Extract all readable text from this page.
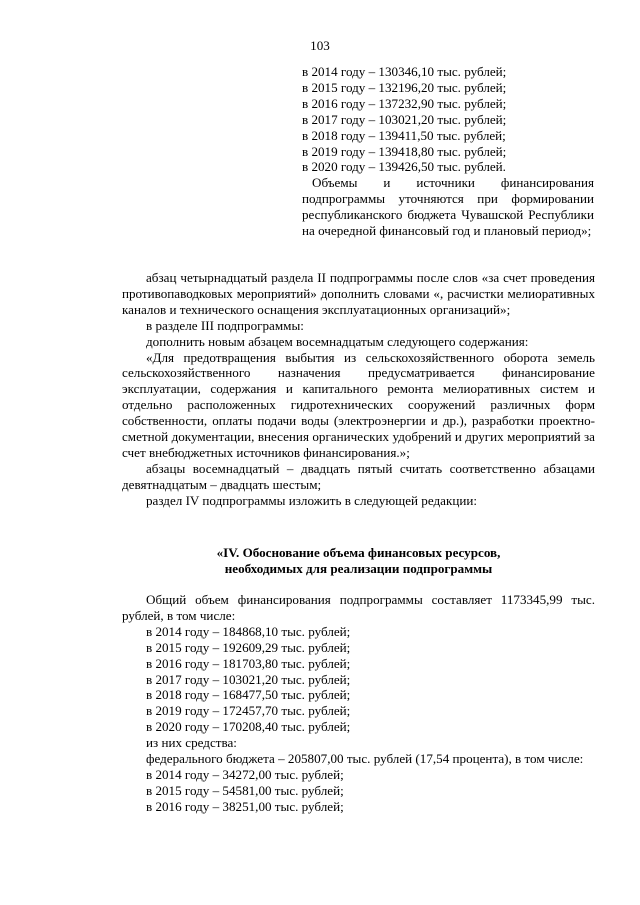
103
в 2014 году – 130346,10 тыс. рублей;
в 2015 году – 132196,20 тыс. рублей;
в 2016 году – 137232,90 тыс. рублей;
в 2017 году – 103021,20 тыс. рублей;
в 2018 году – 139411,50 тыс. рублей;
в 2019 году – 139418,80 тыс. рублей;
в 2020 году – 139426,50 тыс. рублей.
Объемы и источники финансирования подпрограммы уточняются при формировании республиканского бюджета Чувашской Республики на очередной финансовый год и плановый период»;
абзац четырнадцатый раздела II подпрограммы после слов «за счет проведения противопаводковых мероприятий» дополнить словами «, расчистки мелиоративных каналов и технического оснащения эксплуатационных организаций»;
в разделе III подпрограммы:
дополнить новым абзацем восемнадцатым следующего содержания:
«Для предотвращения выбытия из сельскохозяйственного оборота земель сельскохозяйственного назначения предусматривается финансирование эксплуатации, содержания и капитального ремонта мелиоративных систем и отдельно расположенных гидротехнических сооружений различных форм собственности, оплаты подачи воды (электроэнергии и др.), разработки проектно-сметной документации, внесения органических удобрений и других мероприятий за счет внебюджетных источников финансирования.»;
абзацы восемнадцатый – двадцать пятый считать соответственно абзацами девятнадцатым – двадцать шестым;
раздел IV подпрограммы изложить в следующей редакции:
«IV. Обоснование объема финансовых ресурсов,
необходимых для реализации подпрограммы
Общий объем финансирования подпрограммы составляет 1173345,99 тыс. рублей, в том числе:
в 2014 году – 184868,10 тыс. рублей;
в 2015 году – 192609,29 тыс. рублей;
в 2016 году – 181703,80 тыс. рублей;
в 2017 году – 103021,20 тыс. рублей;
в 2018 году – 168477,50 тыс. рублей;
в 2019 году – 172457,70 тыс. рублей;
в 2020 году – 170208,40 тыс. рублей;
из них средства:
федерального бюджета – 205807,00 тыс. рублей (17,54 процента), в том числе:
в 2014 году – 34272,00 тыс. рублей;
в 2015 году – 54581,00 тыс. рублей;
в 2016 году – 38251,00 тыс. рублей;
